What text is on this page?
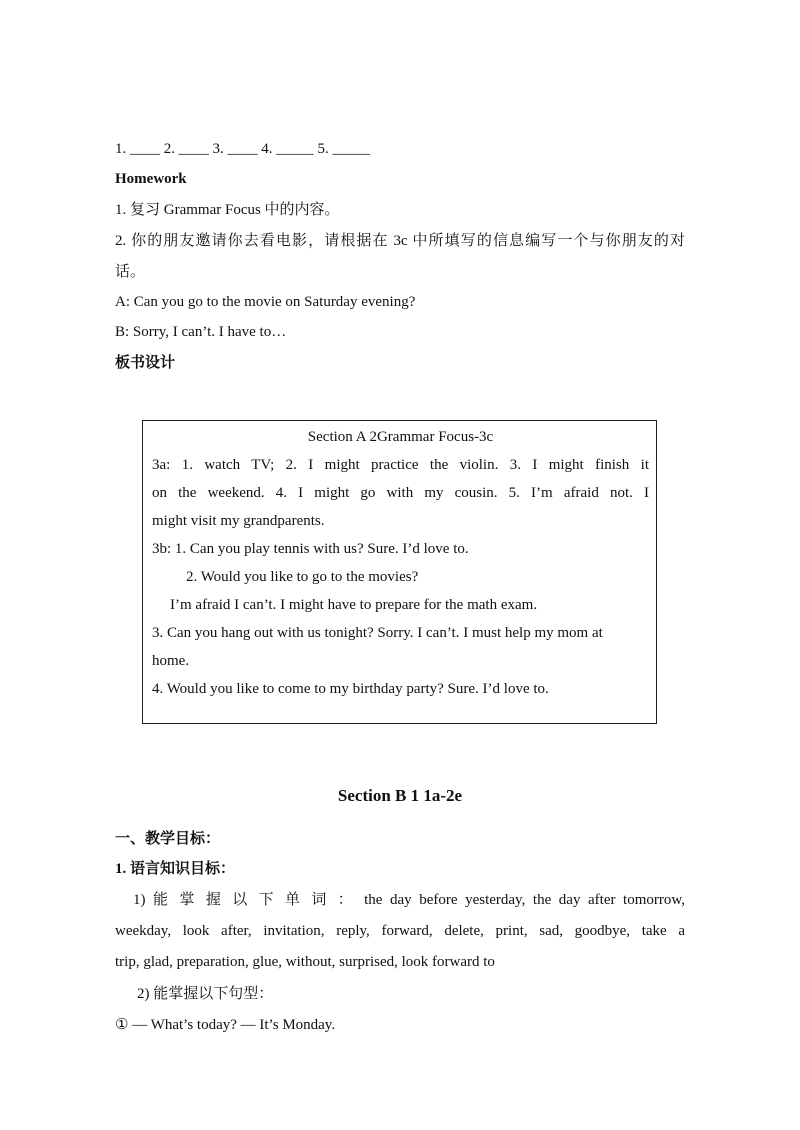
1. ____ 2. ____ 3. ____ 4. _____ 5. _____
Homework
1. 复习 Grammar Focus 中的内容。
2. 你的朋友邀请你去看电影，请根据在 3c 中所填写的信息编写一个与你朋友的对
话。
A: Can you go to the movie on Saturday evening?
B: Sorry, I can’t. I have to…
板书设计
Section A 2Grammar Focus-3c
3a: 1. watch TV; 2. I might practice the violin. 3. I might finish it
on the weekend. 4. I might go with my cousin. 5. I’m afraid not. I
might visit my grandparents.
3b: 1. Can you play tennis with us? Sure. I’d love to.
2. Would you like to go to the movies?
I’m afraid I can’t. I might have to prepare for the math exam.
3. Can you hang out with us tonight? Sorry. I can’t. I must help my mom at
home.
4. Would you like to come to my birthday party? Sure. I’d love to.
Section B 1 1a-2e
一、教学目标：
1. 语言知识目标：
1) 能 掌 握 以 下 单 词 ： the day before yesterday, the day after tomorrow,
weekday, look after, invitation, reply, forward, delete, print, sad, goodbye, take a
trip, glad, preparation, glue, without, surprised, look forward to
2) 能掌握以下句型：
① — What’s today? — It’s Monday.
